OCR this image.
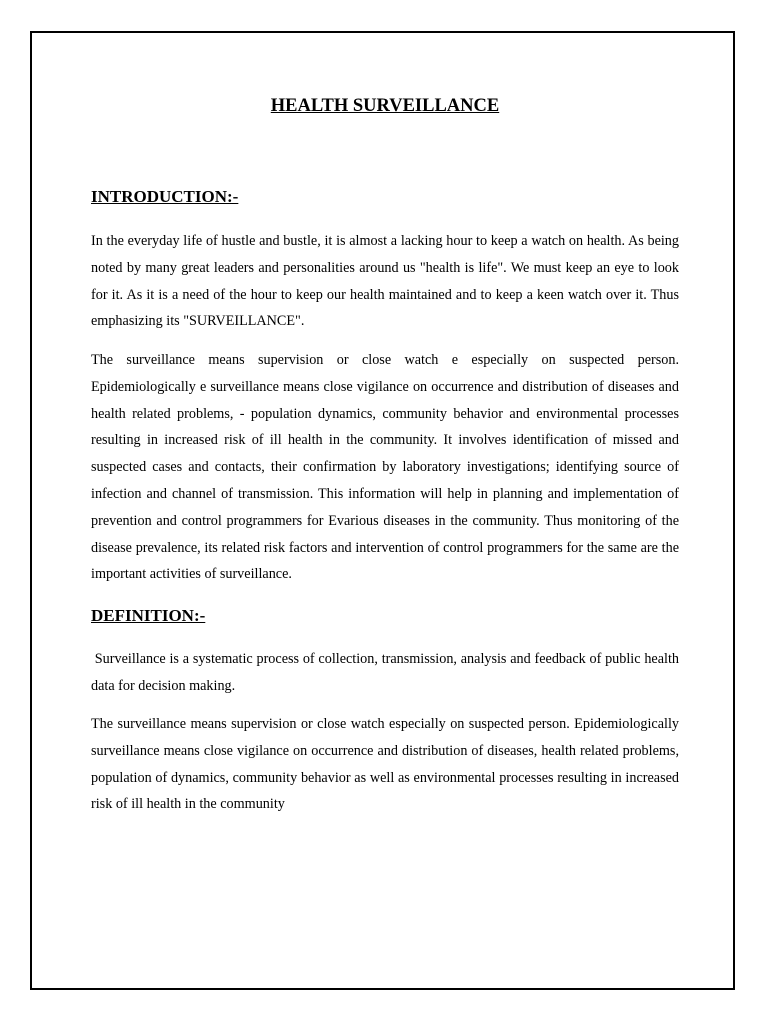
HEALTH SURVEILLANCE
INTRODUCTION:-

In the everyday life of hustle and bustle, it is almost a lacking hour to keep a watch on health. As being noted by many great leaders and personalities around us "health is life". We must keep an eye to look for it. As it is a need of the hour to keep our health maintained and to keep a keen watch over it. Thus emphasizing its "SURVEILLANCE".

The surveillance means supervision or close watch e especially on suspected person. Epidemiologically e surveillance means close vigilance on occurrence and distribution of diseases and health related problems, - population dynamics, community behavior and environmental processes resulting in increased risk of ill health in the community. It involves identification of missed and suspected cases and contacts, their confirmation by laboratory investigations; identifying source of infection and channel of transmission. This information will help in planning and implementation of prevention and control programmers for Evarious diseases in the community. Thus monitoring of the disease prevalence, its related risk factors and intervention of control programmers for the same are the important activities of surveillance.

DEFINITION:-

Surveillance is a systematic process of collection, transmission, analysis and feedback of public health data for decision making.

The surveillance means supervision or close watch especially on suspected person. Epidemiologically surveillance means close vigilance on occurrence and distribution of diseases, health related problems, population of dynamics, community behavior as well as environmental processes resulting in increased risk of ill health in the community
